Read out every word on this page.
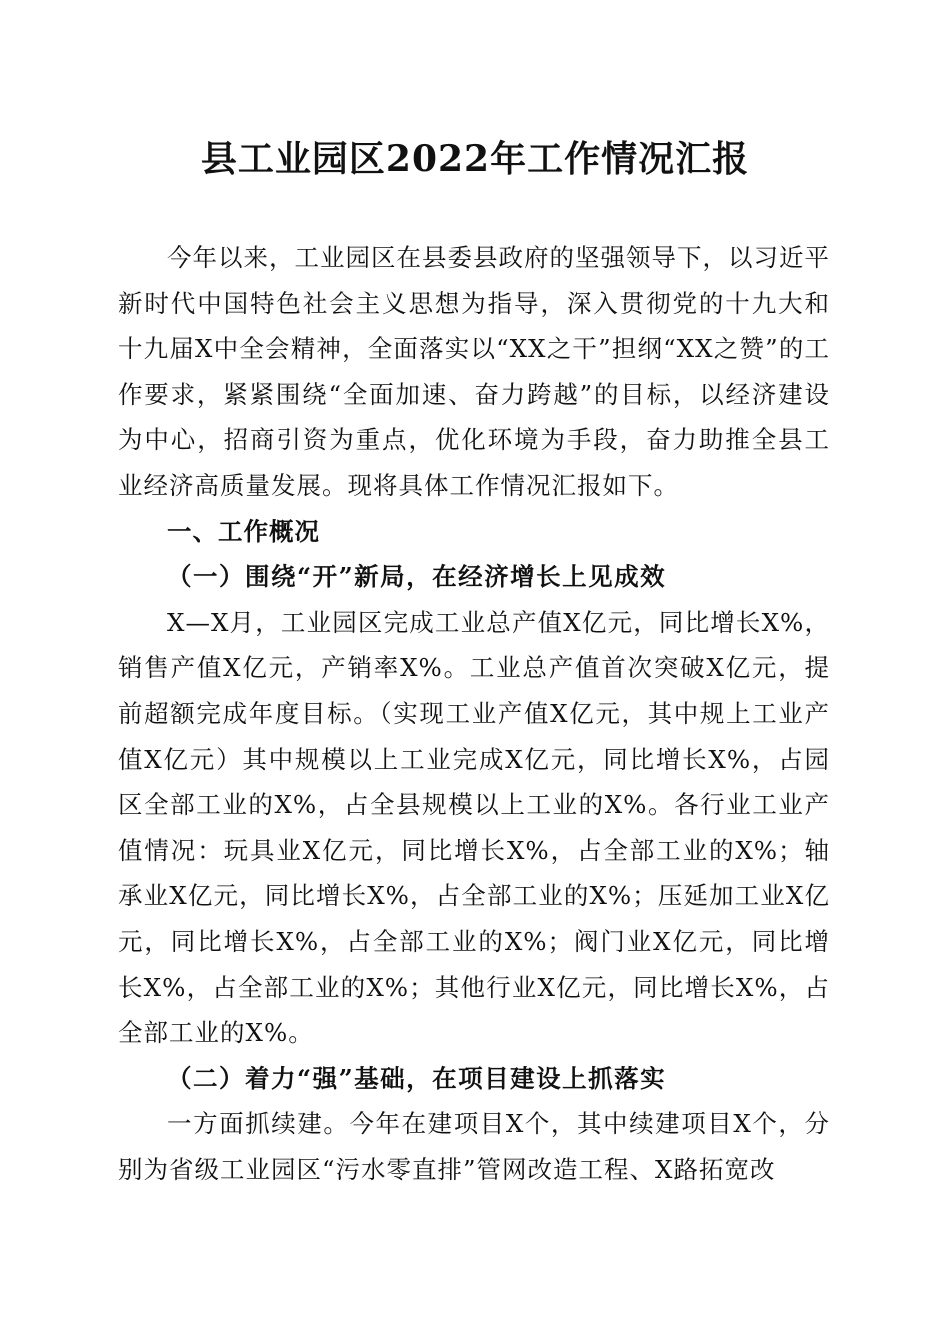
县工业园区2022年工作情况汇报

今年以来，工业园区在县委县政府的坚强领导下，以习近平新时代中国特色社会主义思想为指导，深入贯彻党的十九大和十九届X中全会精神，全面落实以“XX之干”担纲“XX之赞”的工作要求，紧紧围绕“全面加速、奋力跨越”的目标，以经济建设为中心，招商引资为重点，优化环境为手段，奋力助推全县工业经济高质量发展。现将具体工作情况汇报如下。

一、工作概况

（一）围绕“开”新局，在经济增长上见成效

X—X月，工业园区完成工业总产值X亿元，同比增长X%，销售产值X亿元，产销率X%。工业总产值首次突破X亿元，提前超额完成年度目标。（实现工业产值X亿元，其中规上工业产值X亿元）其中规模以上工业完成X亿元，同比增长X%，占园区全部工业的X%，占全县规模以上工业的X%。各行业工业产值情况：玩具业X亿元，同比增长X%，占全部工业的X%；轴承业X亿元，同比增长X%，占全部工业的X%；压延加工业X亿元，同比增长X%，占全部工业的X%；阀门业X亿元，同比增长X%，占全部工业的X%；其他行业X亿元，同比增长X%，占全部工业的X%。

（二）着力“强”基础，在项目建设上抓落实

一方面抓续建。今年在建项目X个，其中续建项目X个，分别为省级工业园区“污水零直排”管网改造工程、X路拓宽改
